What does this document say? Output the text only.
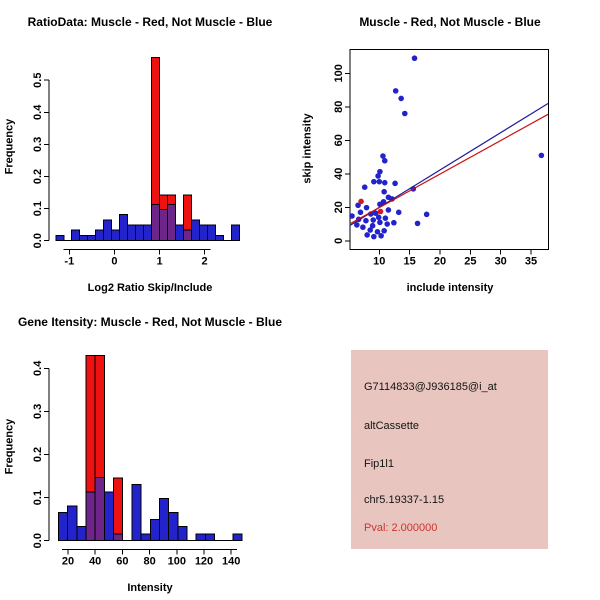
0.0
0.1
0.2
0.3
0.4
0.5
-1	0	1	2
RatioData: Muscle - Red, Not Muscle - Blue
Log2 Ratio Skip/Include
Frequency
0
20
40
60
80
100
10 15 20 25 30 35
Muscle - Red, Not Muscle - Blue
include intensity
skip intensity
0.0
0.1
0.2
0.3
0.4
20 40 60 80 100 120 140
Gene Itensity: Muscle - Red, Not Muscle - Blue
Intensity
Frequency
G7114833@J936185@i_at
altCassette
Fip1l1
chr5.19337-1.15
Pval: 2.000000
